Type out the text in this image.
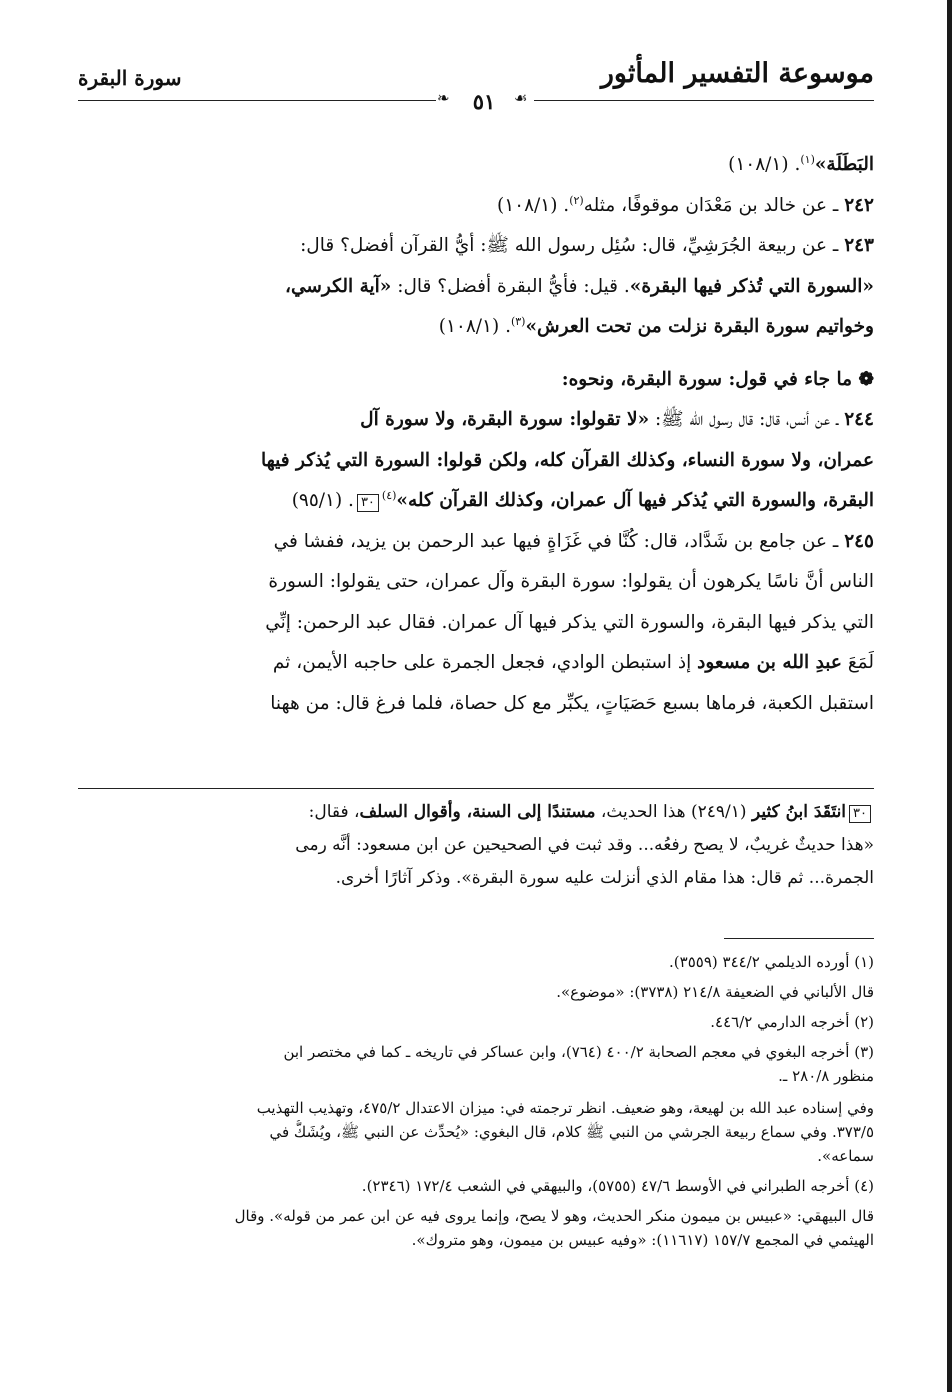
موسوعة التفسير المأثور
سورة البقرة
❧	٥١	☙
البَطَلَة»$^{(١)}$. (١٠٨/١)
٢٤٢ ـ عن خالد بن مَعْدَان موقوفًا، مثله$^{(٢)}$. (١٠٨/١)
٢٤٣ ـ عن ربيعة الجُرَشِيِّ، قال: سُئِل رسول الله ﷺ: أيُّ القرآن أفضل؟ قال:
«السورة التي تُذكر فيها البقرة». قيل: فأيُّ البقرة أفضل؟ قال: «آية الكرسي،
وخواتيم سورة البقرة نزلت من تحت العرش»$^{(٣)}$. (١٠٨/١)
❁ ما جاء في قول: سورة البقرة، ونحوه:
٢٤٤ ـ عن أنس، قال: قال رسول الله ﷺ: «لا تقولوا: سورة البقرة، ولا سورة آل
عمران، ولا سورة النساء، وكذلك القرآن كله، ولكن قولوا: السورة التي يُذكر فيها
البقرة، والسورة التي يُذكر فيها آل عمران، وكذلك القرآن كله»$^{(٤)}$٣٠. (٩٥/١)
٢٤٥ ـ عن جامع بن شَدَّاد، قال: كُنَّا في غَزَاةٍ فيها عبد الرحمن بن يزيد، ففشا في
الناس أنَّ ناسًا يكرهون أن يقولوا: سورة البقرة وآل عمران، حتى يقولوا: السورة
التي يذكر فيها البقرة، والسورة التي يذكر فيها آل عمران. فقال عبد الرحمن: إنِّي
لَمَعَ عبدِ الله بن مسعود إذ استبطن الوادي، فجعل الجمرة على حاجبه الأيمن، ثم
استقبل الكعبة، فرماها بسبع حَصَيَاتٍ، يكبِّر مع كل حصاة، فلما فرغ قال: من ههنا
٣٠انتَقَدَ ابنُ كثير (٢٤٩/١) هذا الحديث، مستندًا إلى السنة، وأقوال السلف، فقال:
«هذا حديثٌ غريبٌ، لا يصح رفعُه... وقد ثبت في الصحيحين عن ابن مسعود: أنَّه رمى
الجمرة... ثم قال: هذا مقام الذي أنزلت عليه سورة البقرة». وذكر آثارًا أخرى.
(١) أورده الديلمي ٣٤٤/٢ (٣٥٥٩).
قال الألباني في الضعيفة ٢١٤/٨ (٣٧٣٨): «موضوع».
(٢) أخرجه الدارمي ٤٤٦/٢.
(٣) أخرجه البغوي في معجم الصحابة ٤٠٠/٢ (٧٦٤)، وابن عساكر في تاريخه ـ كما في مختصر ابن
منظور ٢٨٠/٨ ـ.
وفي إسناده عبد الله بن لهيعة، وهو ضعيف. انظر ترجمته في: ميزان الاعتدال ٤٧٥/٢، وتهذيب التهذيب
٣٧٣/٥. وفي سماع ربيعة الجرشي من النبي ﷺ كلام، قال البغوي: «يُحدِّث عن النبي ﷺ، ويُشَكُّ في
سماعه».
(٤) أخرجه الطبراني في الأوسط ٤٧/٦ (٥٧٥٥)، والبيهقي في الشعب ١٧٢/٤ (٢٣٤٦).
قال البيهقي: «عبيس بن ميمون منكر الحديث، وهو لا يصح، وإنما يروى فيه عن ابن عمر من قوله». وقال
الهيثمي في المجمع ١٥٧/٧ (١١٦١٧): «وفيه عبيس بن ميمون، وهو متروك».
